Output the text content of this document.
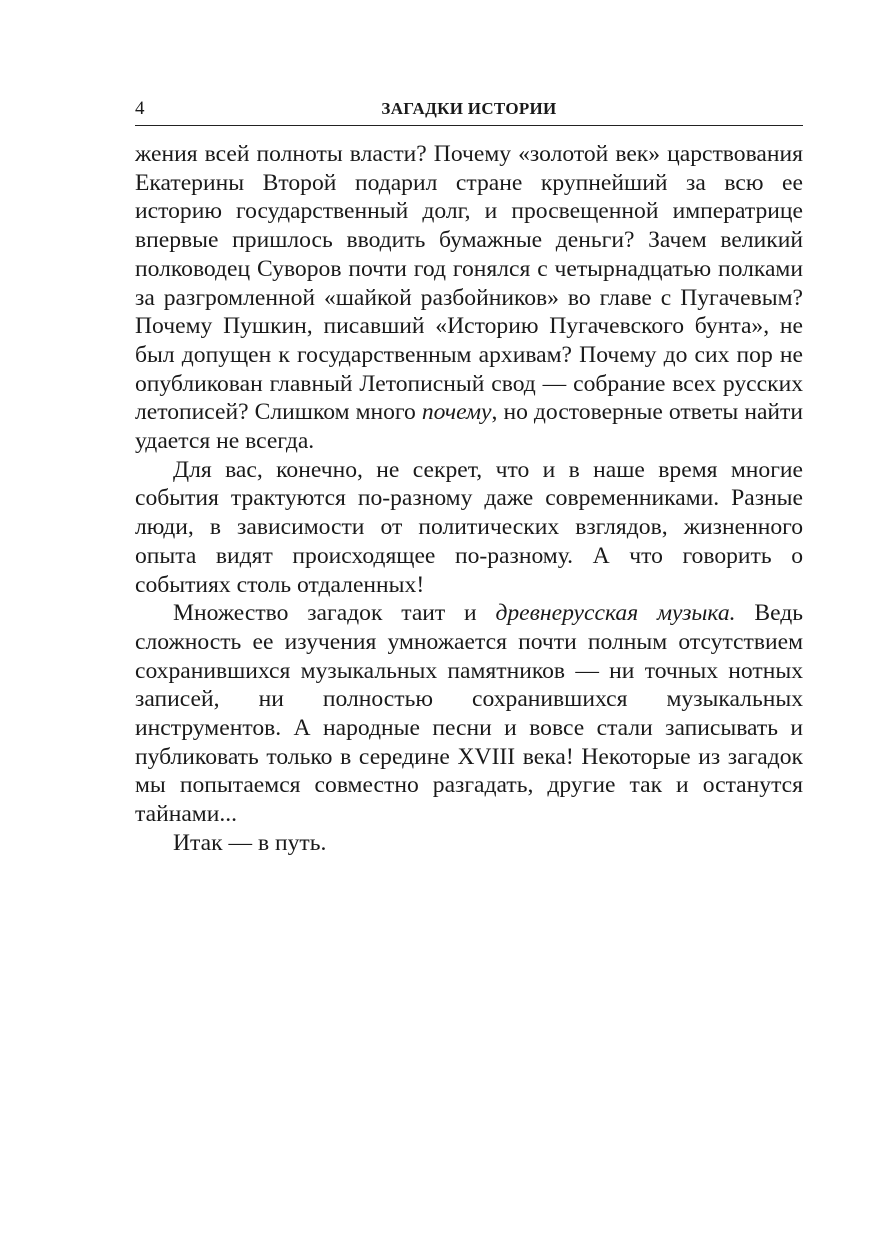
4	ЗАГАДКИ ИСТОРИИ

жения всей полноты власти? Почему «золотой век» царствования Екатерины Второй подарил стране крупнейший за всю ее историю государственный долг, и просвещенной императрице впервые пришлось вводить бумажные деньги? Зачем великий полководец Суворов почти год гонялся с четырнадцатью полками за разгромленной «шайкой разбойников» во главе с Пугачевым? Почему Пушкин, писавший «Историю Пугачевского бунта», не был допущен к государственным архивам? Почему до сих пор не опубликован главный Летописный свод — собрание всех русских летописей? Слишком много почему, но достоверные ответы найти удается не всегда.

Для вас, конечно, не секрет, что и в наше время многие события трактуются по-разному даже современниками. Разные люди, в зависимости от политических взглядов, жизненного опыта видят происходящее по-разному. А что говорить о событиях столь отдаленных!

Множество загадок таит и древнерусская музыка. Ведь сложность ее изучения умножается почти полным отсутствием сохранившихся музыкальных памятников — ни точных нотных записей, ни полностью сохранившихся музыкальных инструментов. А народные песни и вовсе стали записывать и публиковать только в середине XVIII века! Некоторые из загадок мы попытаемся совместно разгадать, другие так и останутся тайнами...

Итак — в путь.
